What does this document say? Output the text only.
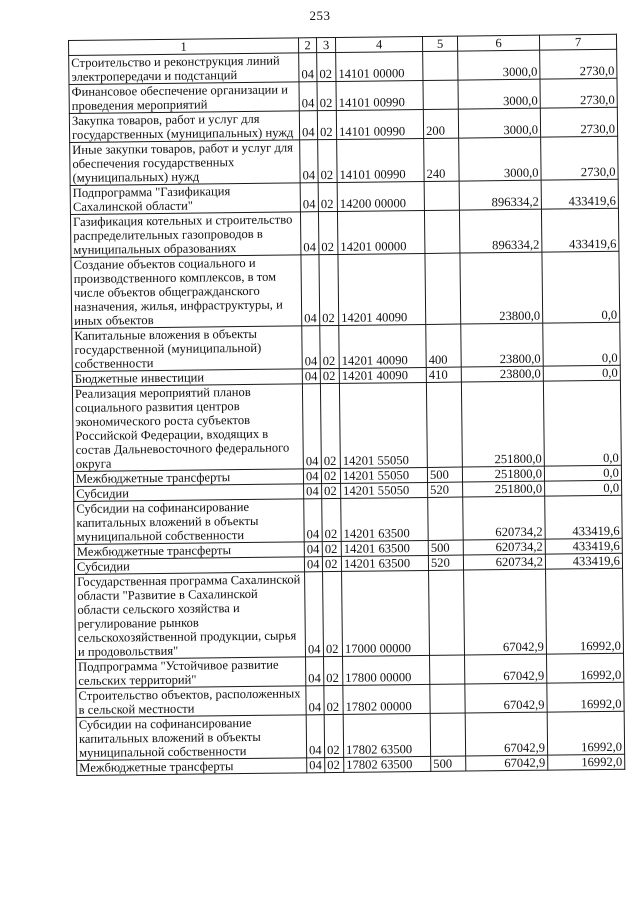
253
1	2	3	4	5	6	7
Строительство и реконструкция линий электропередачи и подстанций	04	02	14101 00000		3000,0	2730,0
Финансовое обеспечение организации и проведения мероприятий	04	02	14101 00990		3000,0	2730,0
Закупка товаров, работ и услуг для государственных (муниципальных) нужд	04	02	14101 00990	200	3000,0	2730,0
Иные закупки товаров, работ и услуг для обеспечения государственных (муниципальных) нужд	04	02	14101 00990	240	3000,0	2730,0
Подпрограмма "Газификация Сахалинской области"	04	02	14200 00000		896334,2	433419,6
Газификация котельных и строительство распределительных газопроводов в муниципальных образованиях	04	02	14201 00000		896334,2	433419,6
Создание объектов социального и производственного комплексов, в том числе объектов общегражданского назначения, жилья, инфраструктуры, и иных объектов	04	02	14201 40090		23800,0	0,0
Капитальные вложения в объекты государственной (муниципальной) собственности	04	02	14201 40090	400	23800,0	0,0
Бюджетные инвестиции	04	02	14201 40090	410	23800,0	0,0
Реализация мероприятий планов социального развития центров экономического роста субъектов Российской Федерации, входящих в состав Дальневосточного федерального округа	04	02	14201 55050		251800,0	0,0
Межбюджетные трансферты	04	02	14201 55050	500	251800,0	0,0
Субсидии	04	02	14201 55050	520	251800,0	0,0
Субсидии на софинансирование капитальных вложений в объекты муниципальной собственности	04	02	14201 63500		620734,2	433419,6
Межбюджетные трансферты	04	02	14201 63500	500	620734,2	433419,6
Субсидии	04	02	14201 63500	520	620734,2	433419,6
Государственная программа Сахалинской области "Развитие в Сахалинской области сельского хозяйства и регулирование рынков сельскохозяйственной продукции, сырья и продовольствия"	04	02	17000 00000		67042,9	16992,0
Подпрограмма "Устойчивое развитие сельских территорий"	04	02	17800 00000		67042,9	16992,0
Строительство объектов, расположенных в сельской местности	04	02	17802 00000		67042,9	16992,0
Субсидии на софинансирование капитальных вложений в объекты муниципальной собственности	04	02	17802 63500		67042,9	16992,0
Межбюджетные трансферты	04	02	17802 63500	500	67042,9	16992,0
